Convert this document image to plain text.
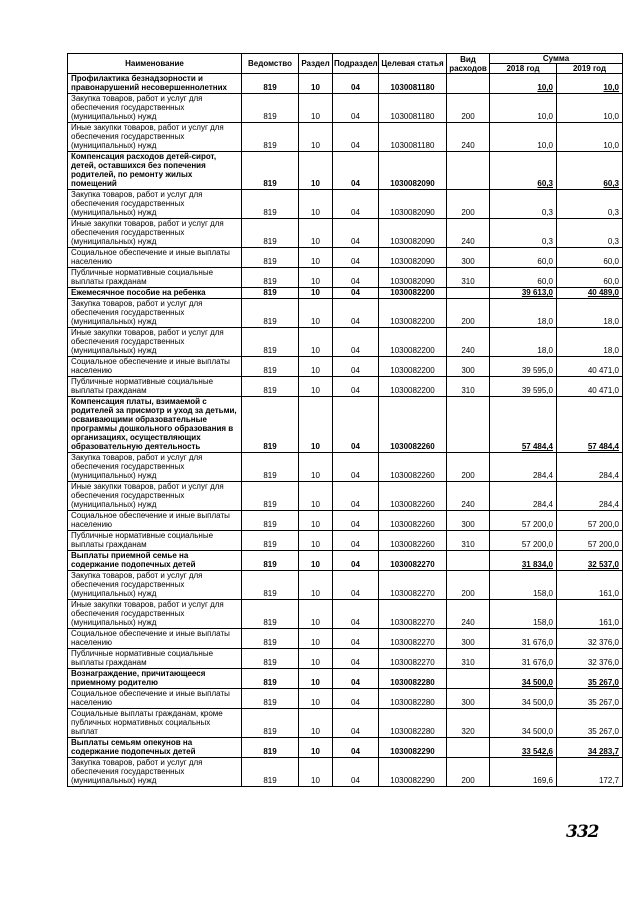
Наименование	Ведомство	Раздел	Подраздел	Целевая статья	Вид расходов	Сумма	
						2018 год	2019 год
Профилактика безнадзорности и правонарушений несовершеннолетних	819	10	04	1030081180		10,0	10,0
Закупка товаров, работ и услуг для обеспечения государственных (муниципальных) нужд	819	10	04	1030081180	200	10,0	10,0
Иные закупки товаров, работ и услуг для обеспечения государственных (муниципальных) нужд	819	10	04	1030081180	240	10,0	10,0
Компенсация расходов детей-сирот, детей, оставшихся без попечения родителей, по ремонту жилых помещений	819	10	04	1030082090		60,3	60,3
Закупка товаров, работ и услуг для обеспечения государственных (муниципальных) нужд	819	10	04	1030082090	200	0,3	0,3
Иные закупки товаров, работ и услуг для обеспечения государственных (муниципальных) нужд	819	10	04	1030082090	240	0,3	0,3
Социальное обеспечение и иные выплаты населению	819	10	04	1030082090	300	60,0	60,0
Публичные нормативные социальные выплаты гражданам	819	10	04	1030082090	310	60,0	60,0
Ежемесячное пособие на ребенка	819	10	04	1030082200		39 613,0	40 489,0
Закупка товаров, работ и услуг для обеспечения государственных (муниципальных) нужд	819	10	04	1030082200	200	18,0	18,0
Иные закупки товаров, работ и услуг для обеспечения государственных (муниципальных) нужд	819	10	04	1030082200	240	18,0	18,0
Социальное обеспечение и иные выплаты населению	819	10	04	1030082200	300	39 595,0	40 471,0
Публичные нормативные социальные выплаты гражданам	819	10	04	1030082200	310	39 595,0	40 471,0
Компенсация платы, взимаемой с родителей за присмотр и уход за детьми, осваивающими образовательные программы дошкольного образования в организациях, осуществляющих образовательную деятельность	819	10	04	1030082260		57 484,4	57 484,4
Закупка товаров, работ и услуг для обеспечения государственных (муниципальных) нужд	819	10	04	1030082260	200	284,4	284,4
Иные закупки товаров, работ и услуг для обеспечения государственных (муниципальных) нужд	819	10	04	1030082260	240	284,4	284,4
Социальное обеспечение и иные выплаты населению	819	10	04	1030082260	300	57 200,0	57 200,0
Публичные нормативные социальные выплаты гражданам	819	10	04	1030082260	310	57 200,0	57 200,0
Выплаты приемной семье на содержание подопечных детей	819	10	04	1030082270		31 834,0	32 537,0
Закупка товаров, работ и услуг для обеспечения государственных (муниципальных) нужд	819	10	04	1030082270	200	158,0	161,0
Иные закупки товаров, работ и услуг для обеспечения государственных (муниципальных) нужд	819	10	04	1030082270	240	158,0	161,0
Социальное обеспечение и иные выплаты населению	819	10	04	1030082270	300	31 676,0	32 376,0
Публичные нормативные социальные выплаты гражданам	819	10	04	1030082270	310	31 676,0	32 376,0
Вознаграждение, причитающееся приемному родителю	819	10	04	1030082280		34 500,0	35 267,0
Социальное обеспечение и иные выплаты населению	819	10	04	1030082280	300	34 500,0	35 267,0
Социальные выплаты гражданам, кроме публичных нормативных социальных выплат	819	10	04	1030082280	320	34 500,0	35 267,0
Выплаты семьям опекунов на содержание подопечных детей	819	10	04	1030082290		33 542,6	34 283,7
Закупка товаров, работ и услуг для обеспечения государственных (муниципальных) нужд	819	10	04	1030082290	200	169,6	172,7
332
